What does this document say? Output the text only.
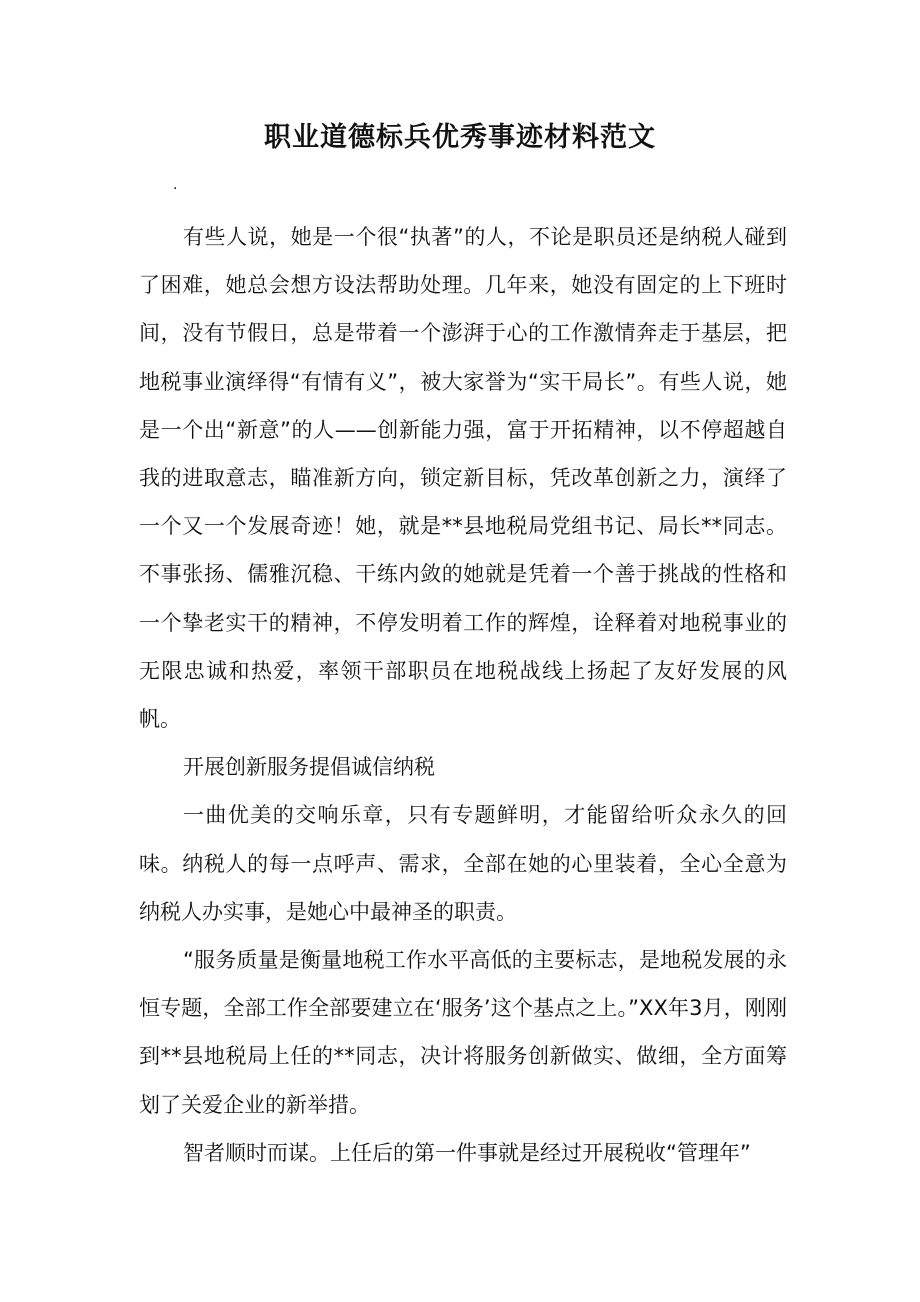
职业道德标兵优秀事迹材料范文
.

有些人说，她是一个很“执著”的人，不论是职员还是纳税人碰到了困难，她总会想方设法帮助处理。几年来，她没有固定的上下班时间，没有节假日，总是带着一个澎湃于心的工作激情奔走于基层，把地税事业演绎得“有情有义”，被大家誉为“实干局长”。有些人说，她是一个出“新意”的人——创新能力强，富于开拓精神，以不停超越自我的进取意志，瞄准新方向，锁定新目标，凭改革创新之力，演绎了一个又一个发展奇迹！她，就是**县地税局党组书记、局长**同志。不事张扬、儒雅沉稳、干练内敛的她就是凭着一个善于挑战的性格和一个挚老实干的精神，不停发明着工作的辉煌，诠释着对地税事业的无限忠诚和热爱，率领干部职员在地税战线上扬起了友好发展的风帆。

开展创新服务提倡诚信纳税

一曲优美的交响乐章，只有专题鲜明，才能留给听众永久的回味。纳税人的每一点呼声、需求，全部在她的心里装着，全心全意为纳税人办实事，是她心中最神圣的职责。

“服务质量是衡量地税工作水平高低的主要标志，是地税发展的永恒专题，全部工作全部要建立在‘服务’这个基点之上。”XX年3月，刚刚到**县地税局上任的**同志，决计将服务创新做实、做细，全方面筹划了关爱企业的新举措。

智者顺时而谋。上任后的第一件事就是经过开展税收“管理年”
